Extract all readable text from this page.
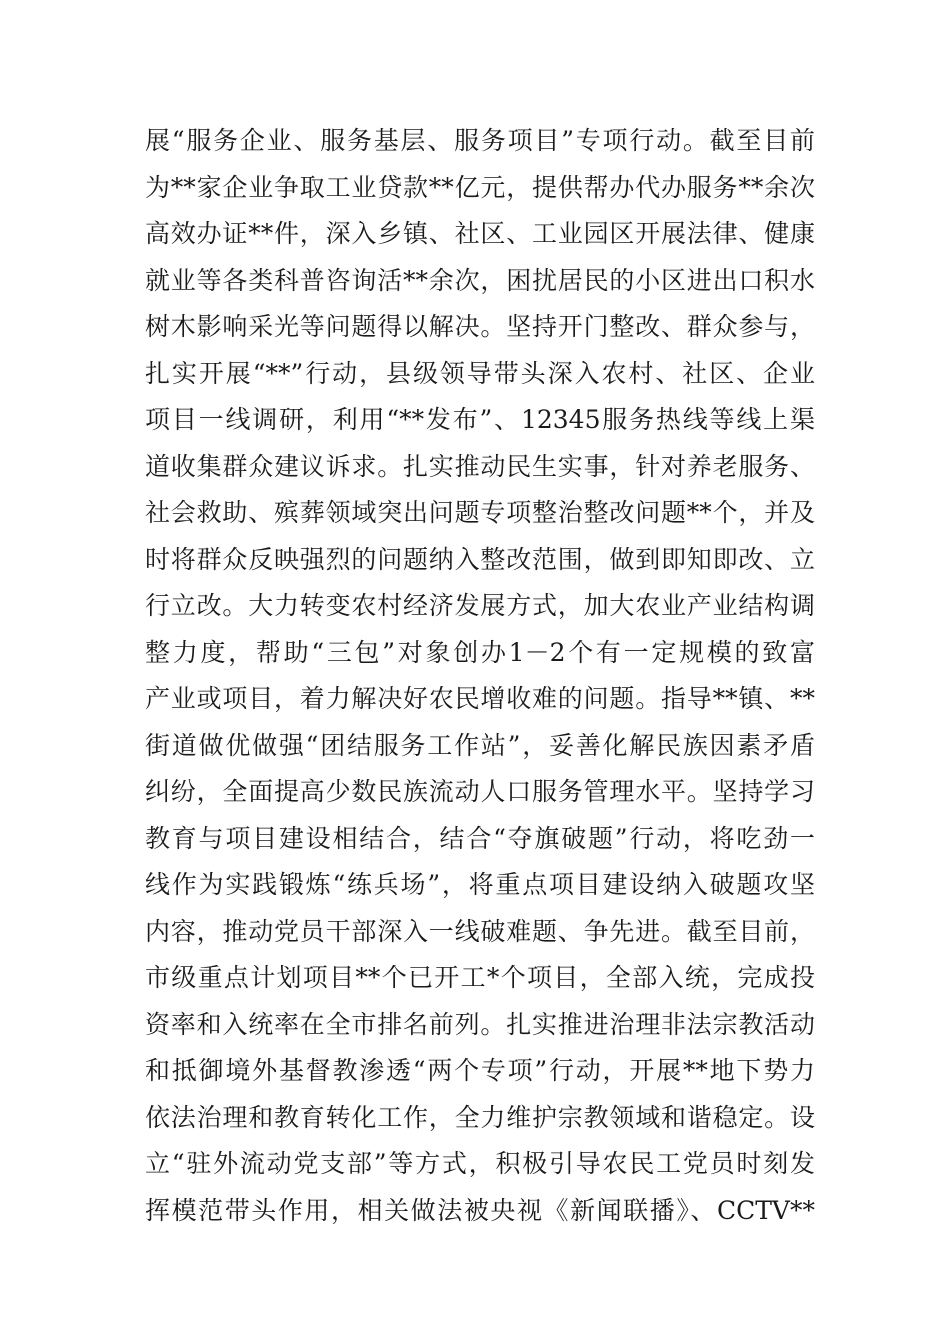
展“服务企业、服务基层、服务项目”专项行动。截至目前
为**家企业争取工业贷款**亿元，提供帮办代办服务**余次
高效办证**件，深入乡镇、社区、工业园区开展法律、健康
就业等各类科普咨询活**余次，困扰居民的小区进出口积水
树木影响采光等问题得以解决。坚持开门整改、群众参与，
扎实开展“**”行动，县级领导带头深入农村、社区、企业
项目一线调研，利用“**发布”、12345服务热线等线上渠
道收集群众建议诉求。扎实推动民生实事，针对养老服务、
社会救助、殡葬领域突出问题专项整治整改问题**个，并及
时将群众反映强烈的问题纳入整改范围，做到即知即改、立
行立改。大力转变农村经济发展方式，加大农业产业结构调
整力度，帮助“三包”对象创办1－2个有一定规模的致富
产业或项目，着力解决好农民增收难的问题。指导**镇、**
街道做优做强“团结服务工作站”，妥善化解民族因素矛盾
纠纷，全面提高少数民族流动人口服务管理水平。坚持学习
教育与项目建设相结合，结合“夺旗破题”行动，将吃劲一
线作为实践锻炼“练兵场”，将重点项目建设纳入破题攻坚
内容，推动党员干部深入一线破难题、争先进。截至目前，
市级重点计划项目**个已开工*个项目，全部入统，完成投
资率和入统率在全市排名前列。扎实推进治理非法宗教活动
和抵御境外基督教渗透“两个专项”行动，开展**地下势力
依法治理和教育转化工作，全力维护宗教领域和谐稳定。设
立“驻外流动党支部”等方式，积极引导农民工党员时刻发
挥模范带头作用，相关做法被央视《新闻联播》、CCTV**
